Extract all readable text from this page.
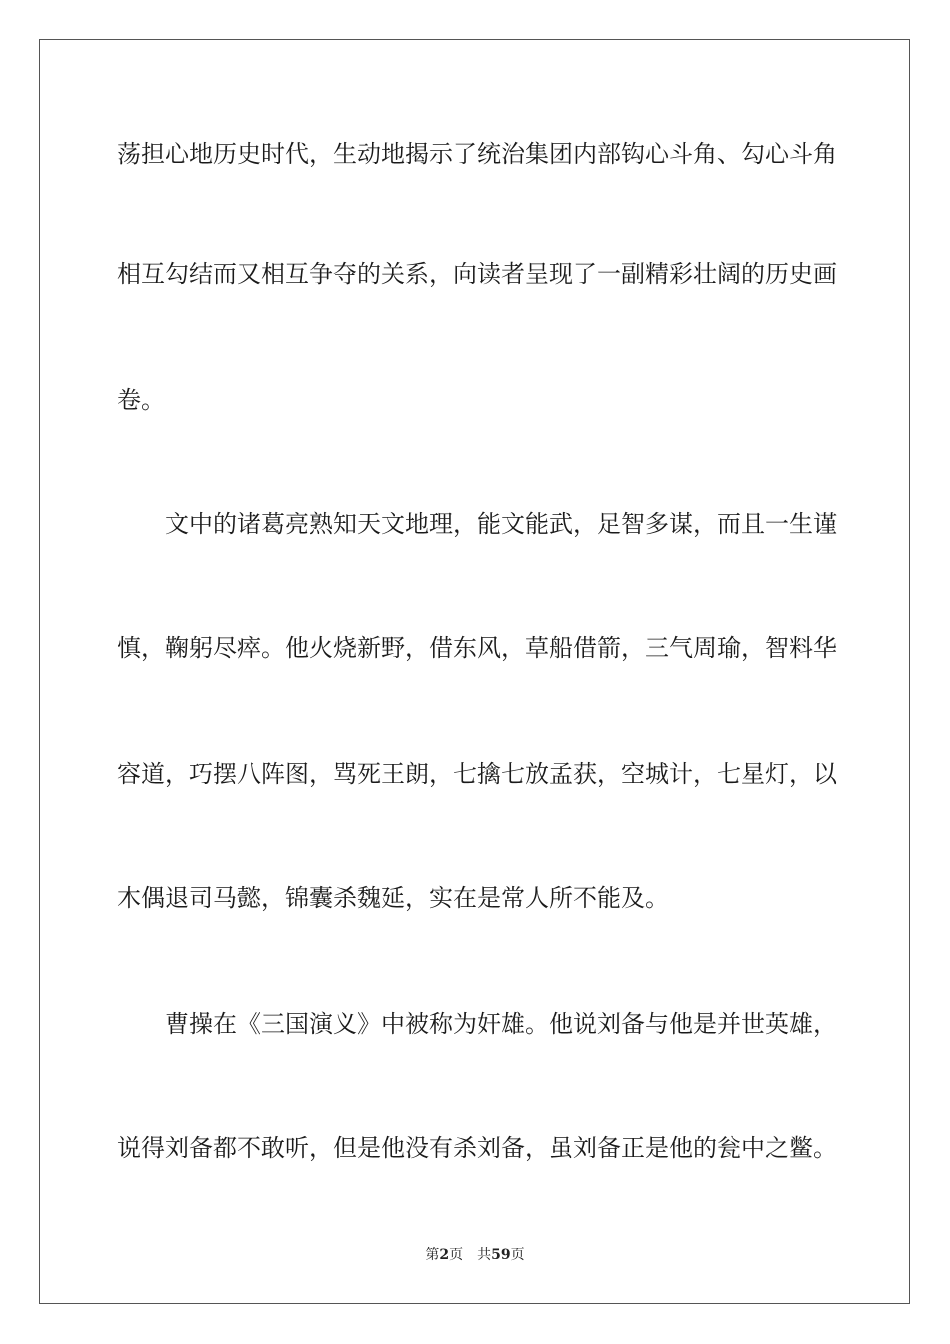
荡担心地历史时代，生动地揭示了统治集团内部钩心斗角、勾心斗角
相互勾结而又相互争夺的关系，向读者呈现了一副精彩壮阔的历史画
卷。
文中的诸葛亮熟知天文地理，能文能武，足智多谋，而且一生谨
慎，鞠躬尽瘁。他火烧新野，借东风，草船借箭，三气周瑜，智料华
容道，巧摆八阵图，骂死王朗，七擒七放孟获，空城计，七星灯，以
木偶退司马懿，锦囊杀魏延，实在是常人所不能及。
曹操在《三国演义》中被称为奸雄。他说刘备与他是并世英雄，
说得刘备都不敢听，但是他没有杀刘备，虽刘备正是他的瓮中之鳖。
第2页 共59页
